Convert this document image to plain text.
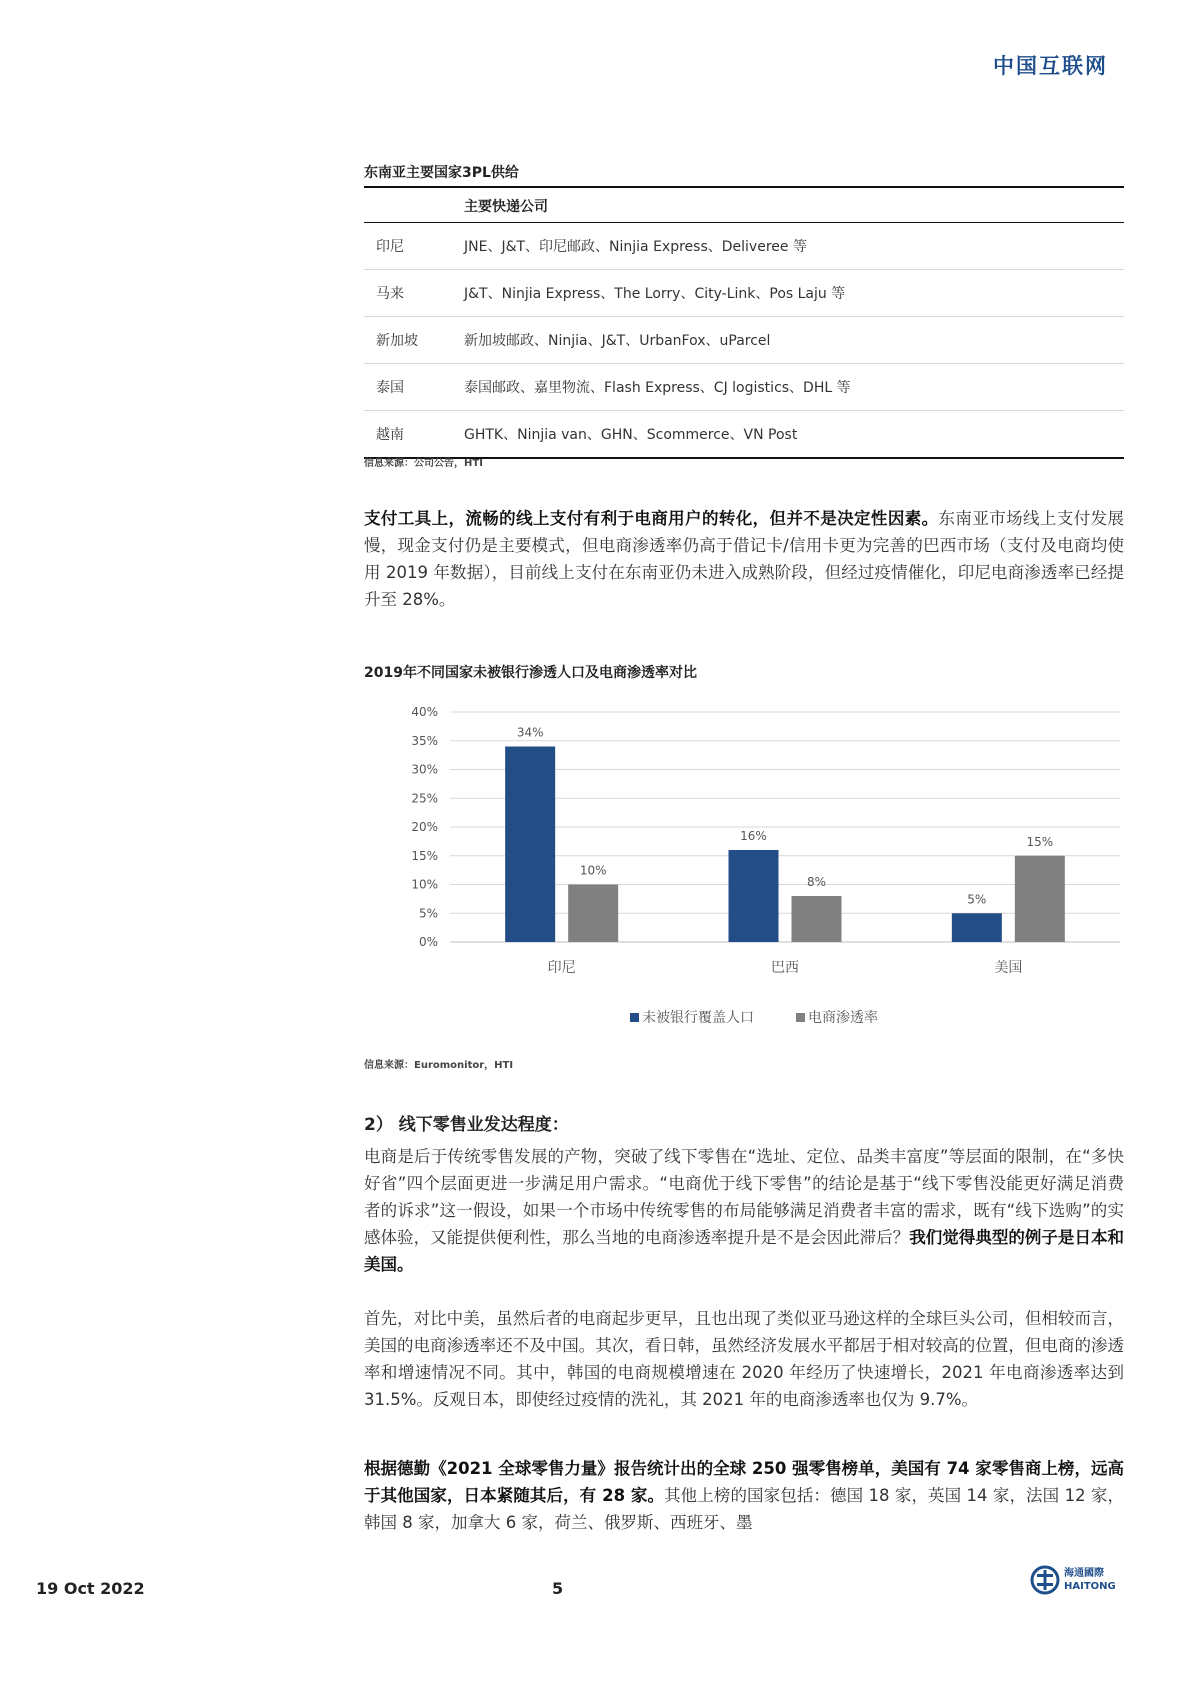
中国互联网
东南亚主要国家3PL供给
	主要快递公司
印尼	JNE、J&T、印尼邮政、Ninjia Express、Deliveree 等
马来	J&T、Ninjia Express、The Lorry、City-Link、Pos Laju 等
新加坡	新加坡邮政、Ninjia、J&T、UrbanFox、uParcel
泰国	泰国邮政、嘉里物流、Flash Express、CJ logistics、DHL 等
越南	GHTK、Ninjia van、GHN、Scommerce、VN Post
信息来源：公司公告，HTI
支付工具上，流畅的线上支付有利于电商用户的转化，但并不是决定性因素。东南亚市场线上支付发展慢，现金支付仍是主要模式，但电商渗透率仍高于借记卡/信用卡更为完善的巴西市场（支付及电商均使用 2019 年数据），目前线上支付在东南亚仍未进入成熟阶段，但经过疫情催化，印尼电商渗透率已经提升至 28%。
2019年不同国家未被银行渗透人口及电商渗透率对比
0%
5%
10%
15%
20%
25%
30%
35%
40%
34%
10%
印尼
16%
8%
巴西
5%
15%
美国
未被银行覆盖人口	电商渗透率
信息来源：Euromonitor，HTI
2） 线下零售业发达程度：
电商是后于传统零售发展的产物，突破了线下零售在“选址、定位、品类丰富度”等层面的限制，在“多快好省”四个层面更进一步满足用户需求。“电商优于线下零售”的结论是基于“线下零售没能更好满足消费者的诉求”这一假设，如果一个市场中传统零售的布局能够满足消费者丰富的需求，既有“线下选购”的实感体验，又能提供便利性，那么当地的电商渗透率提升是不是会因此滞后？我们觉得典型的例子是日本和美国。
首先，对比中美，虽然后者的电商起步更早，且也出现了类似亚马逊这样的全球巨头公司，但相较而言，美国的电商渗透率还不及中国。其次，看日韩，虽然经济发展水平都居于相对较高的位置，但电商的渗透率和增速情况不同。其中，韩国的电商规模增速在 2020 年经历了快速增长，2021 年电商渗透率达到 31.5%。反观日本，即使经过疫情的洗礼，其 2021 年的电商渗透率也仅为 9.7%。
根据德勤《2021 全球零售力量》报告统计出的全球 250 强零售榜单，美国有 74 家零售商上榜，远高于其他国家，日本紧随其后，有 28 家。其他上榜的国家包括：德国 18 家，英国 14 家，法国 12 家，韩国 8 家，加拿大 6 家，荷兰、俄罗斯、西班牙、墨
19 Oct 2022	5
海通國際
HAITONG
